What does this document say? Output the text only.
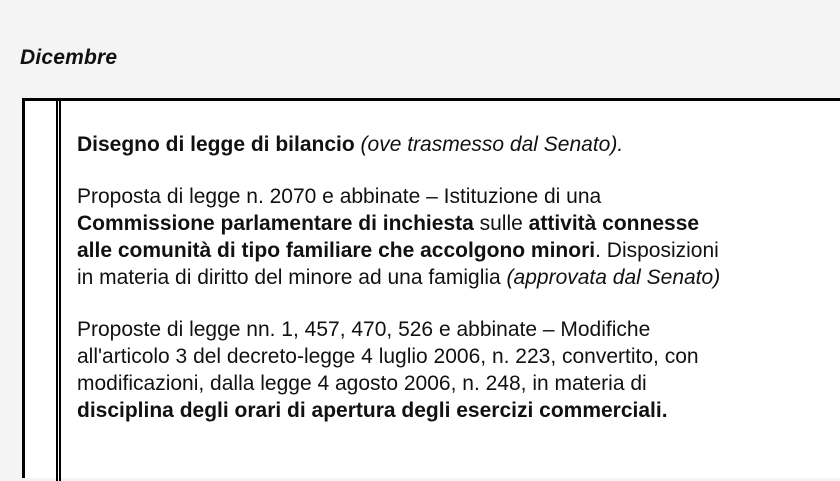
Dicembre

Disegno di legge di bilancio (ove trasmesso dal Senato).

Proposta di legge n. 2070 e abbinate – Istituzione di una
Commissione parlamentare di inchiesta sulle attività connesse
alle comunità di tipo familiare che accolgono minori. Disposizioni
in materia di diritto del minore ad una famiglia (approvata dal Senato)

Proposte di legge nn. 1, 457, 470, 526 e abbinate – Modifiche
all'articolo 3 del decreto-legge 4 luglio 2006, n. 223, convertito, con
modificazioni, dalla legge 4 agosto 2006, n. 248, in materia di
disciplina degli orari di apertura degli esercizi commerciali.
